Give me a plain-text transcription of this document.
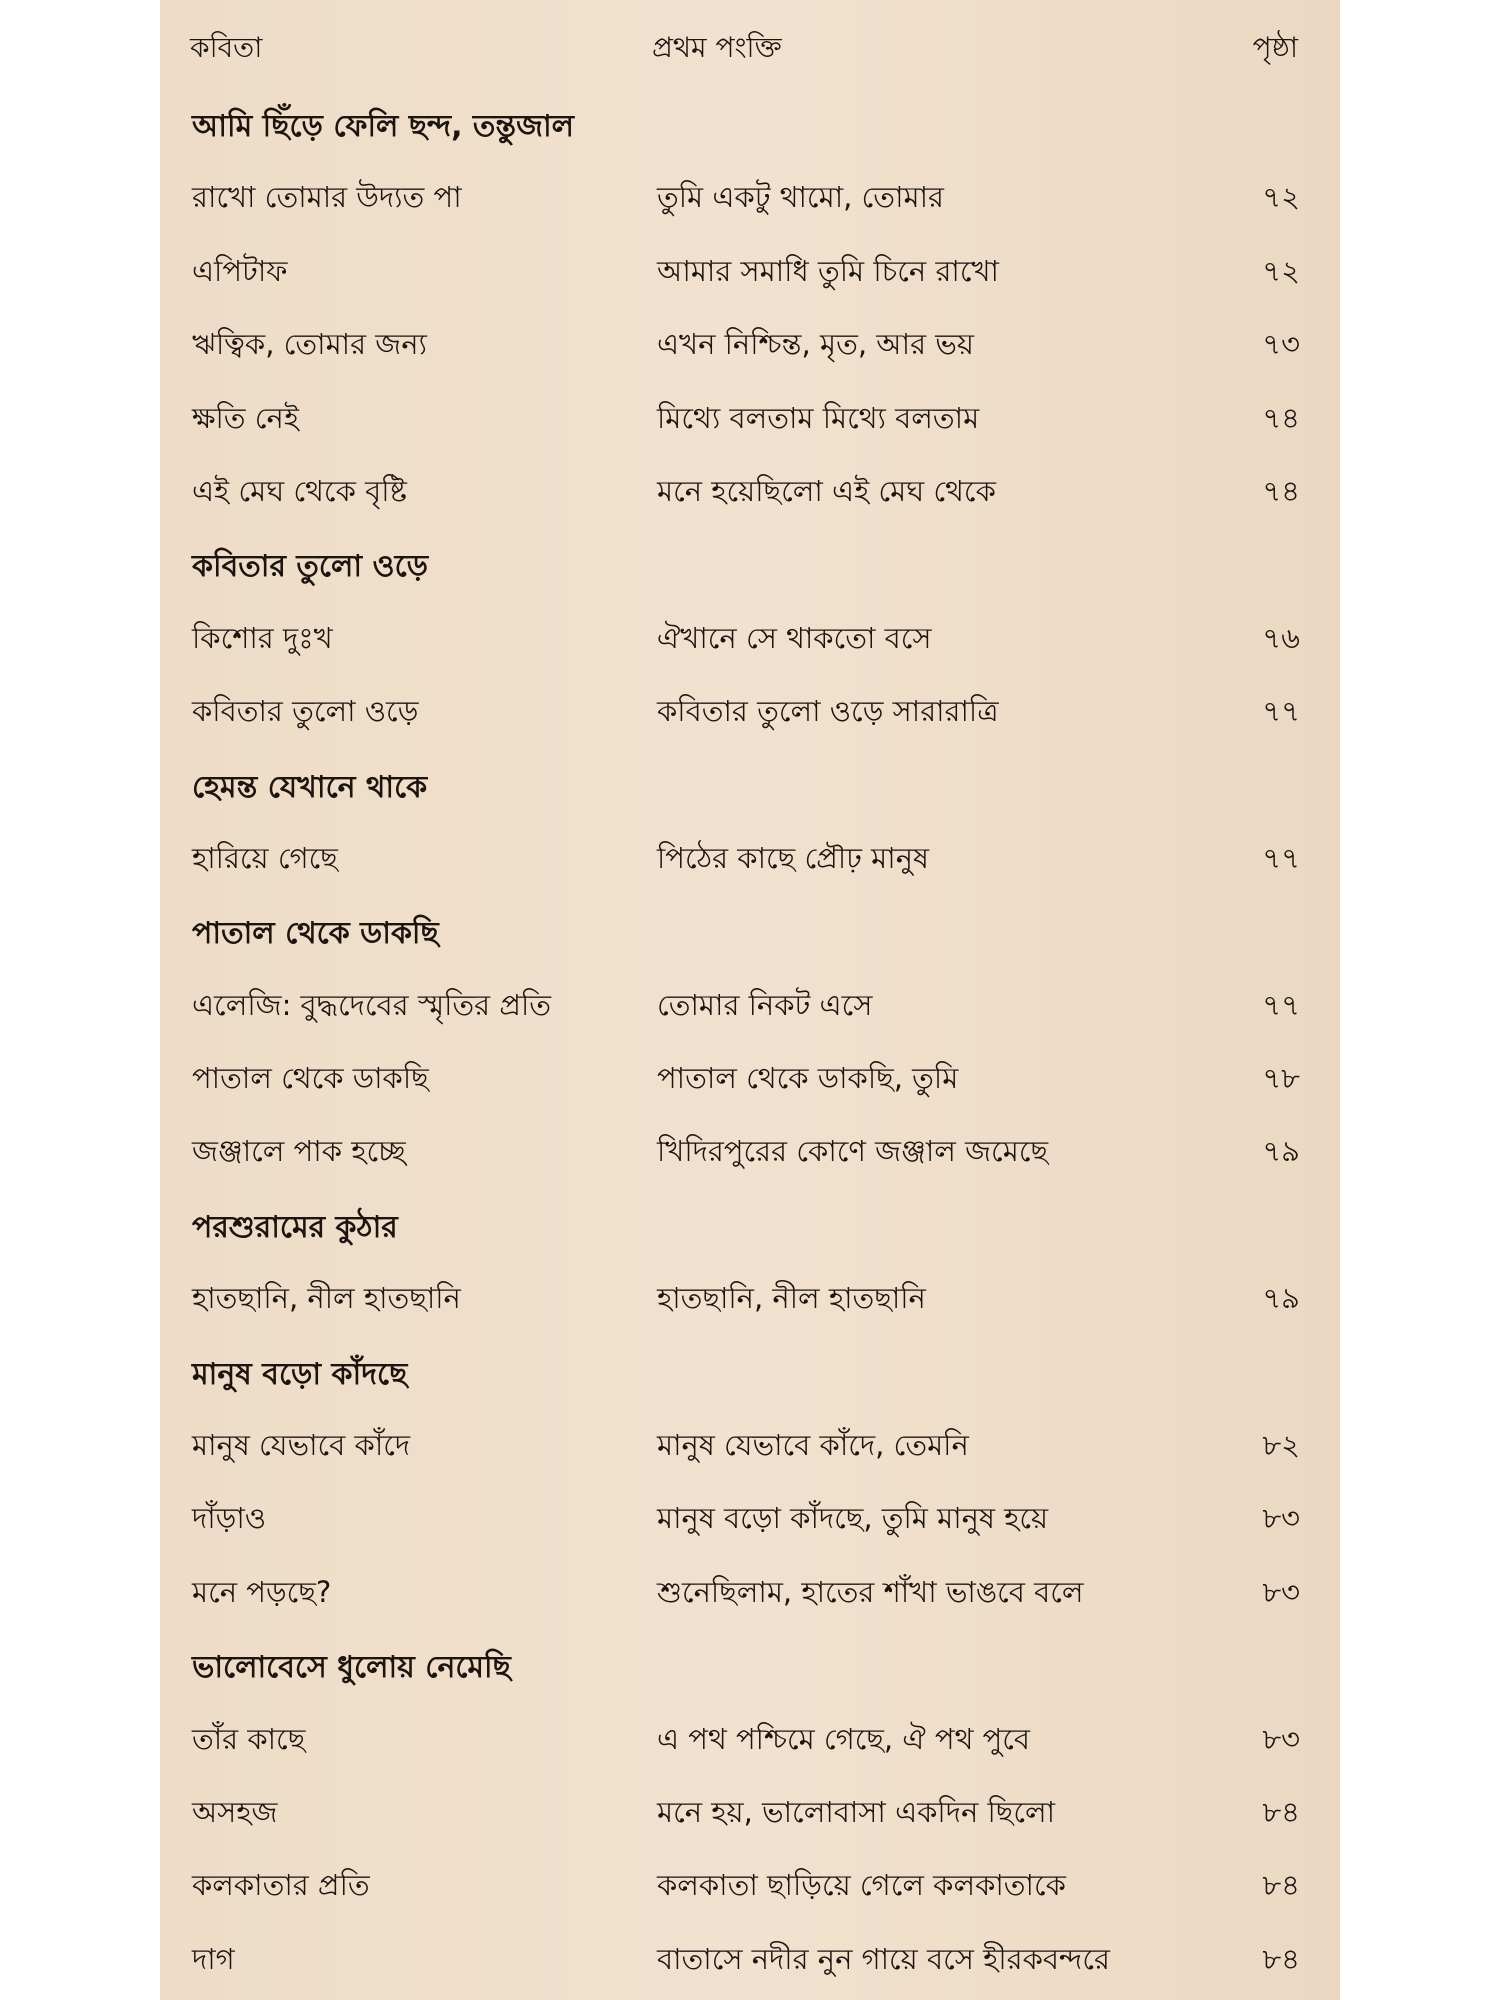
কবিতা	প্রথম পংক্তি	পৃষ্ঠা
আমি ছিঁড়ে ফেলি ছন্দ, তন্তুজাল
রাখো তোমার উদ্যত পা	তুমি একটু থামো, তোমার	৭২
এপিটাফ	আমার সমাধি তুমি চিনে রাখো	৭২
ঋত্বিক, তোমার জন্য	এখন নিশ্চিন্ত, মৃত, আর ভয়	৭৩
ক্ষতি নেই	মিথ্যে বলতাম মিথ্যে বলতাম	৭৪
এই মেঘ থেকে বৃষ্টি	মনে হয়েছিলো এই মেঘ থেকে	৭৪
কবিতার তুলো ওড়ে
কিশোর দুঃখ	ঐখানে সে থাকতো বসে	৭৬
কবিতার তুলো ওড়ে	কবিতার তুলো ওড়ে সারারাত্রি	৭৭
হেমন্ত যেখানে থাকে
হারিয়ে গেছে	পিঠের কাছে প্রৌঢ় মানুষ	৭৭
পাতাল থেকে ডাকছি
এলেজি: বুদ্ধদেবের স্মৃতির প্রতি	তোমার নিকট এসে	৭৭
পাতাল থেকে ডাকছি	পাতাল থেকে ডাকছি, তুমি	৭৮
জঞ্জালে পাক হচ্ছে	খিদিরপুরের কোণে জঞ্জাল জমেছে	৭৯
পরশুরামের কুঠার
হাতছানি, নীল হাতছানি	হাতছানি, নীল হাতছানি	৭৯
মানুষ বড়ো কাঁদছে
মানুষ যেভাবে কাঁদে	মানুষ যেভাবে কাঁদে, তেমনি	৮২
দাঁড়াও	মানুষ বড়ো কাঁদছে, তুমি মানুষ হয়ে	৮৩
মনে পড়ছে?	শুনেছিলাম, হাতের শাঁখা ভাঙবে বলে	৮৩
ভালোবেসে ধুলোয় নেমেছি
তাঁর কাছে	এ পথ পশ্চিমে গেছে, ঐ পথ পুবে	৮৩
অসহজ	মনে হয়, ভালোবাসা একদিন ছিলো	৮৪
কলকাতার প্রতি	কলকাতা ছাড়িয়ে গেলে কলকাতাকে	৮৪
দাগ	বাতাসে নদীর নুন গায়ে বসে হীরকবন্দরে	৮৪
